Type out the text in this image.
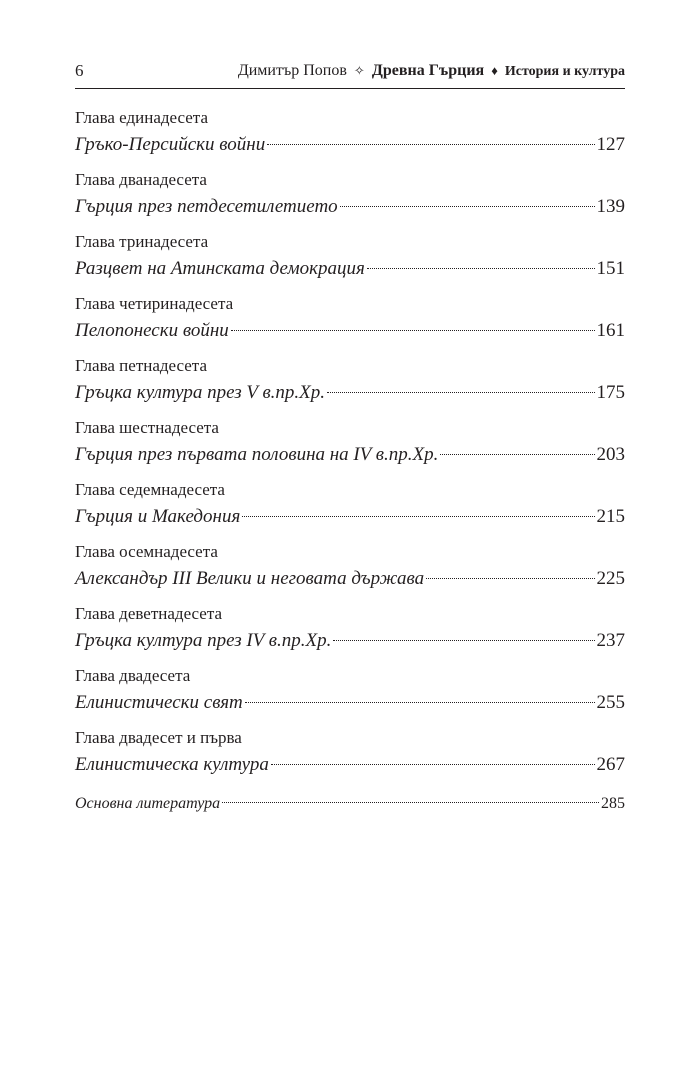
6	Димитър Попов ✧ Древна Гърция ♦ История и култура
Глава единадесета
Гръко-Персийски войни	127
Глава дванадесета
Гърция през петдесетилетието	139
Глава тринадесета
Разцвет на Атинската демокрация	151
Глава четиринадесета
Пелопонески войни	161
Глава петнадесета
Гръцка култура през V в.пр.Хр.	175
Глава шестнадесета
Гърция през първата половина на IV в.пр.Хр.	203
Глава седемнадесета
Гърция и Македония	215
Глава осемнадесета
Александър III Велики и неговата държава	225
Глава деветнадесета
Гръцка култура през IV в.пр.Хр.	237
Глава двадесета
Елинистически свят	255
Глава двадесет и първа
Елинистическа култура	267
Основна литература	285
